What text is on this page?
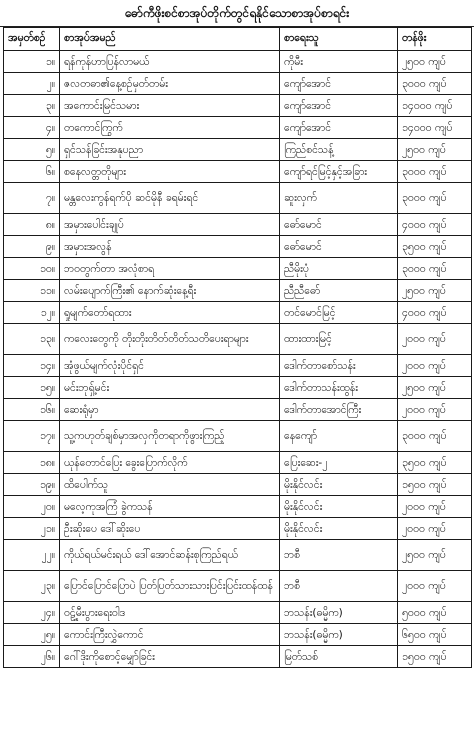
ဓော်ကီဖိုးစင်စာအုပ်တိုက်တွင်ရနိုင်သောစာအုပ်စာရင်း
အမှတ်စဉ်	စာအုပ်အမည်	စာရေးသူ	တန်ဖိုး
၁။	ရန်ကုန်ဟာပြန်လာမယ်	ကိုမီး	၂၅၀၀ ကျပ်
၂။	ဇလတဓာ၏နေ့စဉ်မှတ်တမ်း	ကျော်အောင်	၃၀၀၀ ကျပ်
၃။	အကောင်းမြင်သမား	ကျော်အောင်	၁၄၀၀၀ ကျပ်
၄။	တကောင်ကြွက်	ကျော်အောင်	၁၄၀၀၀ ကျပ်
၅။	ရှင်သန်ခြင်းအနုပညာ	ကြည်စင်သန့်	၂၅၀၀ ကျပ်
၆။	စနေလတ္တတိုများ	ကျော်ရင်မြင့်နှင့်အခြား	၃၀၀၀ ကျပ်
၇။	မန္တလေးကွန်ရက်ပို ဆင်မိုနီ ခရမ်းရင်	ဆူးလှက်	၃၀၀၀ ကျပ်
၈။	အမှားပေါင်းချုပ်	ဓော်မောင်	၄၀၀၀ ကျပ်
၉။	အမှားအလွန်	ဓော်မောင်	၃၅၀၀ ကျပ်
၁၀။	ဘဝတွက်တာ အလုံစာရ	ညီမိုးပုံ	၃၀၀၀ ကျပ်
၁၁။	လမ်းပျောက်ကြီး၏ နောက်ဆုံးနေ့ရီး	ညီညီဓော်	၂၅၀၀ ကျပ်
၁၂။	ရှုမျက်တော်ရထား	တင်မောင်မြင့်	၄၀၀၀ ကျပ်
၁၃။	ကလေးတွေကို တိုးတိုးတိတ်တိတ်သတိပေးရာများ	ထားထားမြင့်	၂၀၀၀ ကျပ်
၁၄။	အုံဖွယ်မျက်လုံးပိုင်ရှင်	ဒေါက်တာစော်သန်း	၂၀၀၀ ကျပ်
၁၅။	မင်းဘုရှ့်မင်း	ဒေါက်တာသန်းထွန်း	၂၅၀၀ ကျပ်
၁၆။	ဆေးရုံမှာ	ဒေါက်တာအောင်ကြီး	၂၀၀၀ ကျပ်
၁၇။	သူ့ကဟုတ်ချစ်မှာအလှကိုတရာကိုဖွားကြည့်	နေကျော်	၃၀၀၀ ကျပ်
၁၈။	ယုန်တောင်ပြေး ခွေးပြောက်လိုက်	ပြေးဆေး-၂	၃၅၀၀ ကျပ်
၁၉။	ထိပေါက်သူ	မိုးနိုင်လင်း	၁၅၀၀ ကျပ်
၂၀။	မလေ့ကုအကြံ ခွဲကသန်	မိုးနိုင်လင်း	၂၀၀၀ ကျပ်
၂၁။	ဦးဆိုးပေ ဒေါ်ဆိုးပေ	မိုးနိုင်လင်း	၂၀၀၀ ကျပ်
၂၂။	ကိုယ်ရယ်မင်းရယ် ဒေါ်အောင်ဆန်းစုကြည်ရယ်	ဘစီ	၂၅၀၀ ကျပ်
၂၃။	ပြောင်ပြောင်ပြောပဲ ပြတ်ပြတ်သားသားပြင်းပြင်းထန်ထန်	ဘစီ	၂၀၀၀ ကျပ်
၂၄။	ဝဠ္ဍ်မီးပွားရေးဝါဒ	ဘသန်း(ဓမ္မိက)	၅၀၀၀ ကျပ်
၂၅။	ကောင်းကြီးလွှဲကောင်	ဘသန်း(ဓမ္မိက)	၆၅၀၀ ကျပ်
၂၆။	ဂေါ်ဒိုးကိုစောင့်မျှော်ခြင်း	မြတ်သစ်	၁၅၀၀ ကျပ်
